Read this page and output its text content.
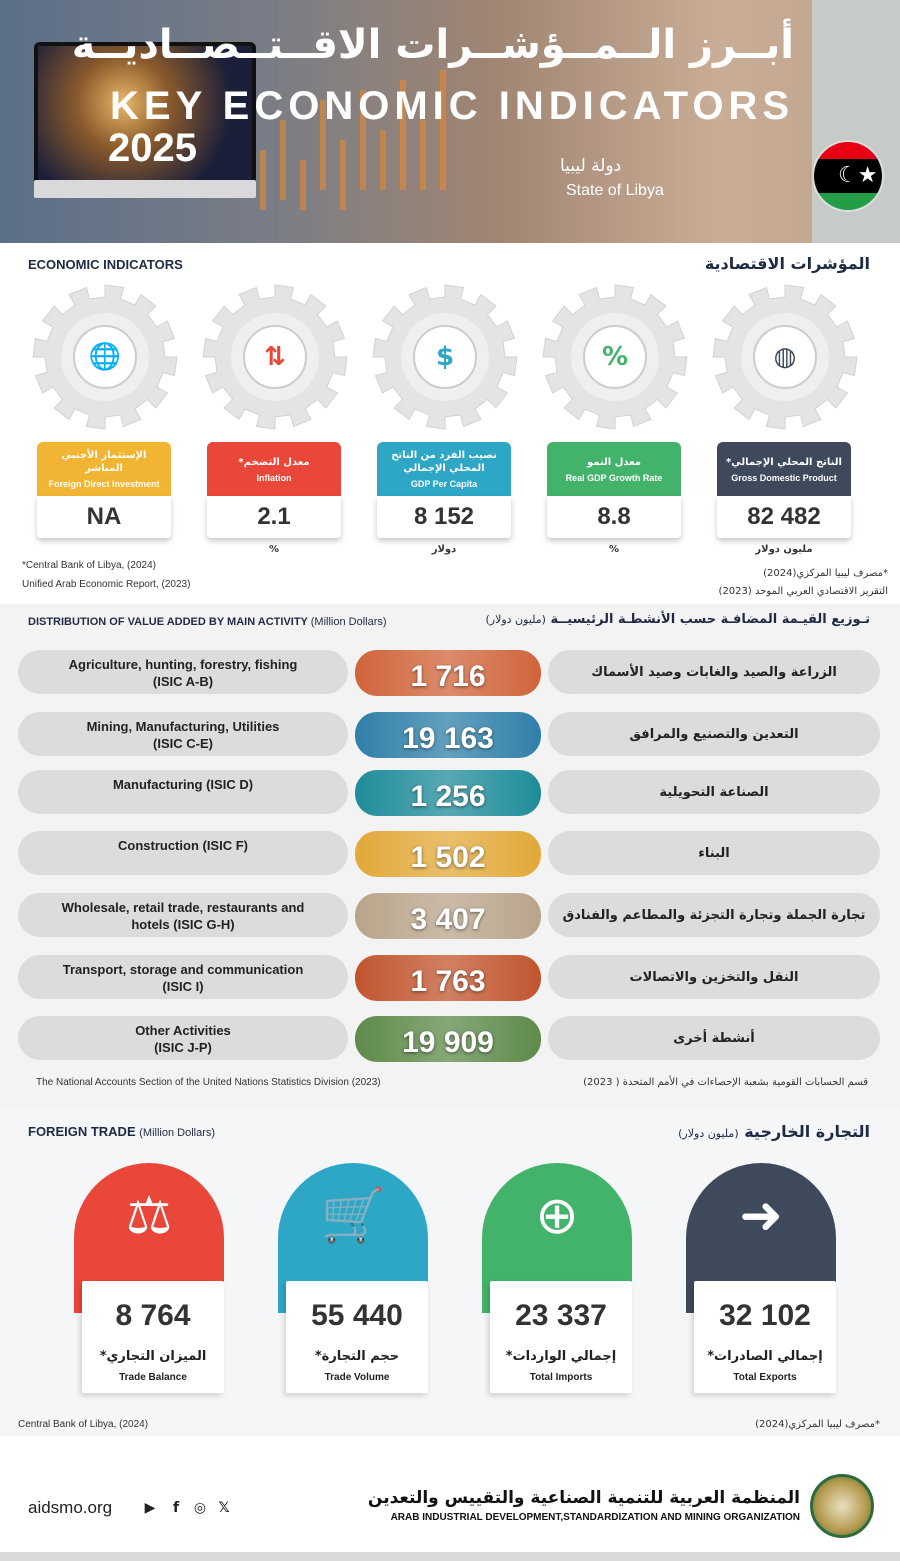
2025
أبــرز الــمــؤشــرات الاقــتــصــاديــة
KEY ECONOMIC INDICATORS
دولة ليبيا
State of Libya
☾★
ECONOMIC INDICATORS	المؤشرات الاقتصادية
🌐
الإستثمار الأجنبي المباشر
Foreign Direct Investment
NA
⇅
معدل التضخم*
Inflation
2.1
%
$
نصيب الفرد من الناتج المحلي الإجمالي
GDP Per Capita
8 152
دولار
%
معدل النمو
Real GDP Growth Rate
8.8
%
◍
الناتج المحلي الإجمالي*
Gross Domestic Product
82 482
مليون دولار
*Central Bank of Libya, (2024)
Unified Arab Economic Report, (2023)
*مصرف ليبيا المركزي(2024)
التقرير الاقتصادي العربي الموحد (2023)
DISTRIBUTION OF VALUE ADDED BY MAIN ACTIVITY (Million Dollars)	تـوزيع القيـمة المضافـة حسب الأنشطـة الرئيسيــة (مليون دولار)
Agriculture, hunting, forestry, fishing
(ISIC A-B)	1 716	الزراعة والصيد والغابات وصيد الأسماك
Mining, Manufacturing, Utilities
(ISIC C-E)	19 163	التعدين والتصنيع والمرافق
Manufacturing (ISIC D)	1 256	الصناعة التحويلية
Construction (ISIC F)	1 502	البناء
Wholesale, retail trade, restaurants and
hotels (ISIC G-H)	3 407	تجارة الجملة وتجارة التجزئة والمطاعم والفنادق
Transport, storage and communication
(ISIC I)	1 763	النقل والتخزين والاتصالات
Other Activities
(ISIC J-P)	19 909	أنشطة أخرى
The National Accounts Section of the United Nations Statistics Division (2023)	قسم الحسابات القومية بشعبة الإحصاءات في الأمم المتحدة ( 2023)
FOREIGN TRADE (Million Dollars)	التجارة الخارجية (مليون دولار)
⚖
8 764
الميزان التجاري*
Trade Balance
🛒
55 440
حجم التجارة*
Trade Volume
⊕
23 337
إجمالي الواردات*
Total Imports
➜
32 102
إجمالي الصادرات*
Total Exports
Central Bank of Libya, (2024)	*مصرف ليبيا المركزي(2024)
aidsmo.org	▶	f	◎ 𝕏	المنظمة العربية للتنمية الصناعية والتقييس والتعدين
ARAB INDUSTRIAL DEVELOPMENT,STANDARDIZATION AND MINING ORGANIZATION
